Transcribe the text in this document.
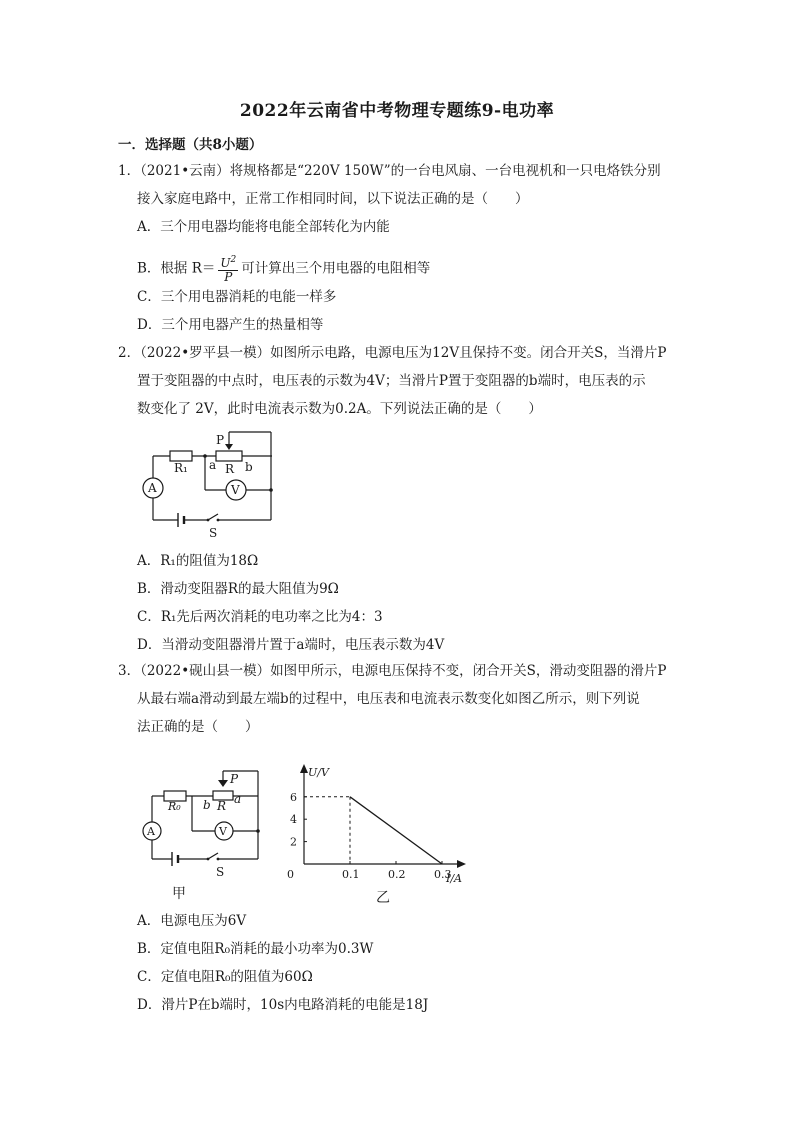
2022年云南省中考物理专题练9-电功率
一．选择题（共8小题）
1．（2021•云南）将规格都是“220V 150W”的一台电风扇、一台电视机和一只电烙铁分别
接入家庭电路中，正常工作相同时间，以下说法正确的是（　　）
A．三个用电器均能将电能全部转化为内能
B．根据 $R= \frac{U^2}{P}$ 可计算出三个用电器的电阻相等
C．三个用电器消耗的电能一样多
D．三个用电器产生的热量相等
2．（2022•罗平县一模）如图所示电路，电源电压为12V且保持不变。闭合开关S，当滑片P
置于变阻器的中点时，电压表的示数为4V；当滑片P置于变阻器的b端时，电压表的示
数变化了 2V，此时电流表示数为0.2A。下列说法正确的是（　　）
R₁
P
a R b
A	V
S
A．R₁的阻值为18Ω
B．滑动变阻器R的最大阻值为9Ω
C．R₁先后两次消耗的电功率之比为4：3
D．当滑动变阻器滑片置于a端时，电压表示数为4V
3．（2022•砚山县一模）如图甲所示，电源电压保持不变，闭合开关S，滑动变阻器的滑片P
从最右端a滑动到最左端b的过程中，电压表和电流表示数变化如图乙所示，则下列说
法正确的是（　　）
R₀
P
b R a
A	V
S
甲
0.1	0.2	0.3
2
4
6
U/V
I/A
0
乙
A．电源电压为6V
B．定值电阻R₀消耗的最小功率为0.3W
C．定值电阻R₀的阻值为60Ω
D．滑片P在b端时，10s内电路消耗的电能是18J
